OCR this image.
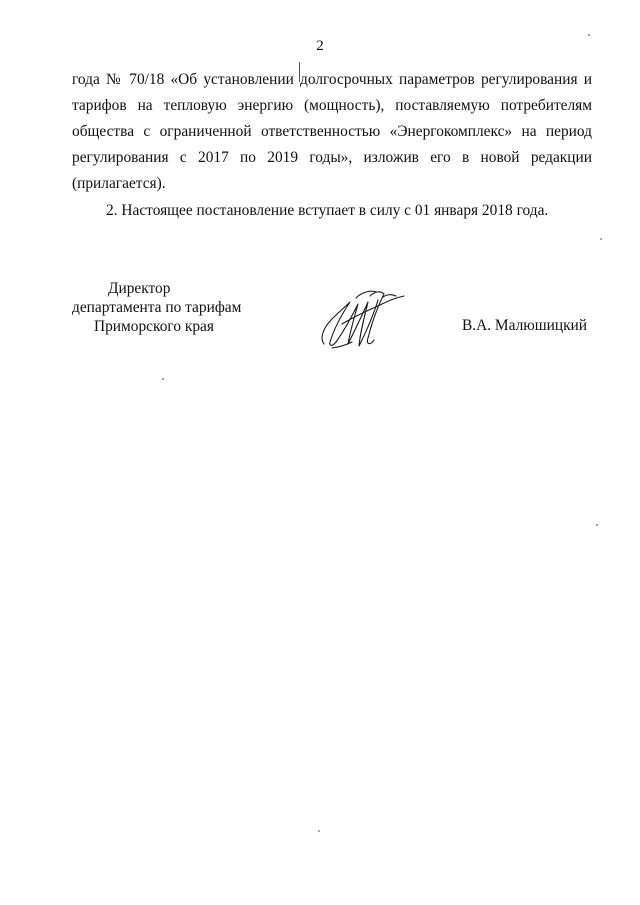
2
года № 70/18 «Об установлении долгосрочных параметров регулирования и
тарифов на тепловую энергию (мощность), поставляемую потребителям
общества с ограниченной ответственностью «Энергокомплекс» на период
регулирования с 2017 по 2019 годы», изложив его в новой редакции
(прилагается).
2. Настоящее постановление вступает в силу с 01 января 2018 года.
Директор
департамента по тарифам
Приморского края	В.А. Малюшицкий
